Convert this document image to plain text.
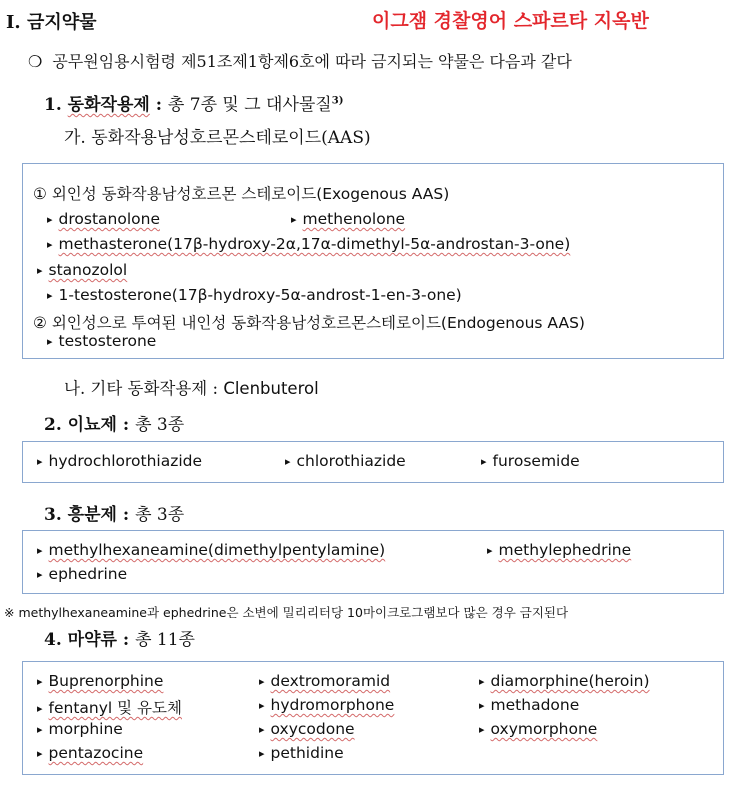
Ⅰ. 금지약물	이그잼 경찰영어 스파르타 지옥반
❍ 공무원임용시험령 제51조제1항제6호에 따라 금지되는 약물은 다음과 같다
1. 동화작용제 : 총 7종 및 그 대사물질$^{3)}$
가. 동화작용남성호르몬스테로이드(AAS)
① 외인성 동화작용남성호르몬 스테로이드(Exogenous AAS)
▸ drostanolone	▸ methenolone
▸ methasterone(17β-hydroxy-2α,17α-dimethyl-5α-androstan-3-one)
▸ stanozolol
▸ 1-testosterone(17β-hydroxy-5α-androst-1-en-3-one)
② 외인성으로 투여된 내인성 동화작용남성호르몬스테로이드(Endogenous AAS)
▸ testosterone
나. 기타 동화작용제 : Clenbuterol
2. 이뇨제 : 총 3종
▸ hydrochlorothiazide	▸ chlorothiazide	▸ furosemide
3. 흥분제 : 총 3종
▸ methylhexaneamine(dimethylpentylamine)	▸ methylephedrine
▸ ephedrine
※ methylhexaneamine과 ephedrine은 소변에 밀리리터당 10마이크로그램보다 많은 경우 금지된다
4. 마약류 : 총 11종
▸ Buprenorphine	▸ dextromoramid	▸ diamorphine(heroin)
▸ fentanyl 및 유도체	▸ hydromorphone	▸ methadone
▸ morphine	▸ oxycodone	▸ oxymorphone
▸ pentazocine	▸ pethidine
